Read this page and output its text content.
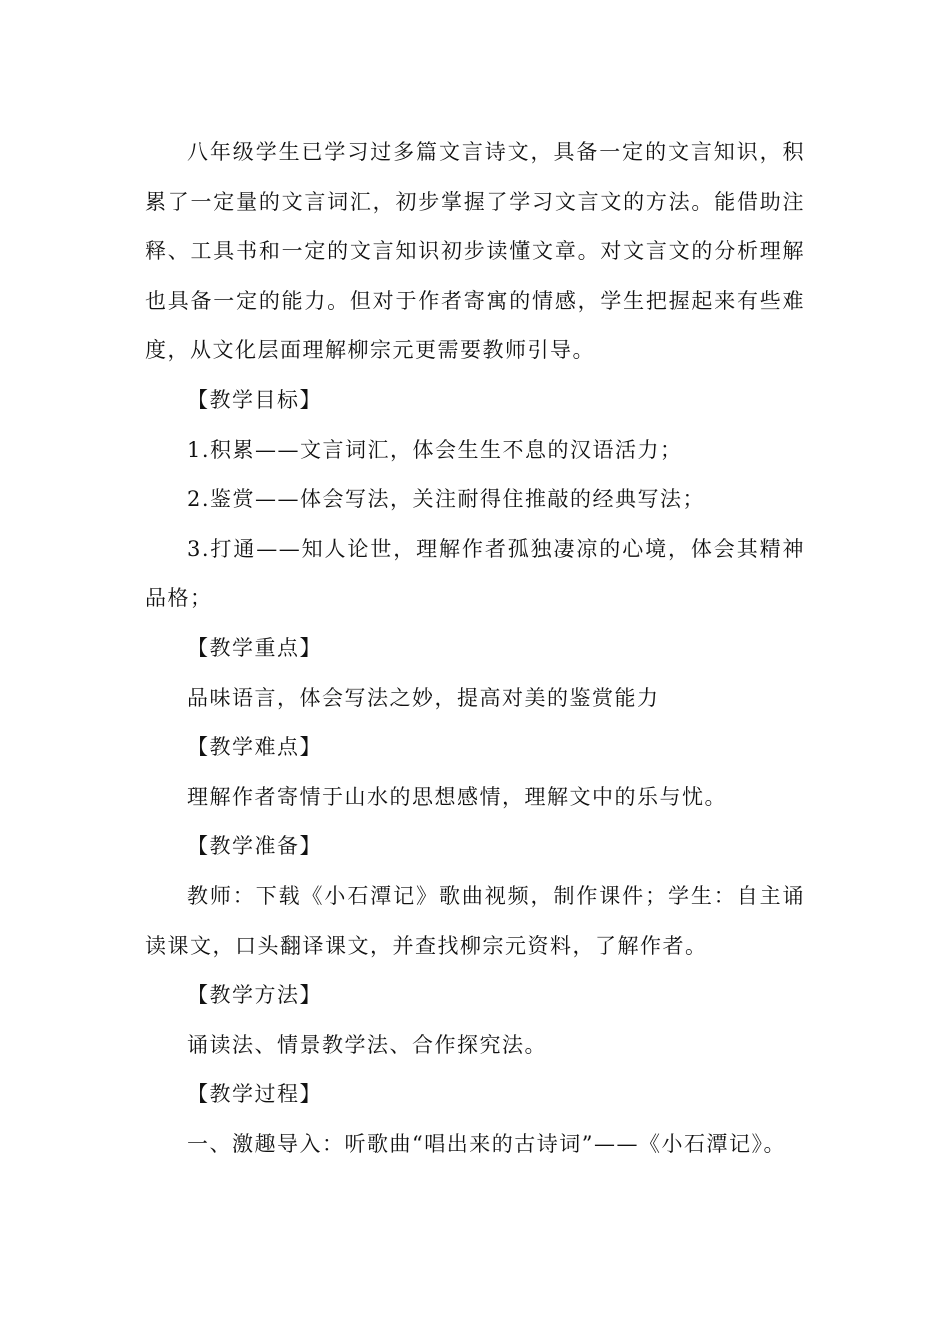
八年级学生已学习过多篇文言诗文，具备一定的文言知识，积累了一定量的文言词汇，初步掌握了学习文言文的方法。能借助注释、工具书和一定的文言知识初步读懂文章。对文言文的分析理解也具备一定的能力。但对于作者寄寓的情感，学生把握起来有些难度，从文化层面理解柳宗元更需要教师引导。

【教学目标】

1.积累——文言词汇，体会生生不息的汉语活力；

2.鉴赏——体会写法，关注耐得住推敲的经典写法；

3.打通——知人论世，理解作者孤独凄凉的心境，体会其精神品格；

【教学重点】

品味语言，体会写法之妙，提高对美的鉴赏能力

【教学难点】

理解作者寄情于山水的思想感情，理解文中的乐与忧。

【教学准备】

教师：下载《小石潭记》歌曲视频，制作课件；学生：自主诵读课文，口头翻译课文，并查找柳宗元资料，了解作者。

【教学方法】

诵读法、情景教学法、合作探究法。

【教学过程】

一、激趣导入：听歌曲“唱出来的古诗词”——《小石潭记》。
